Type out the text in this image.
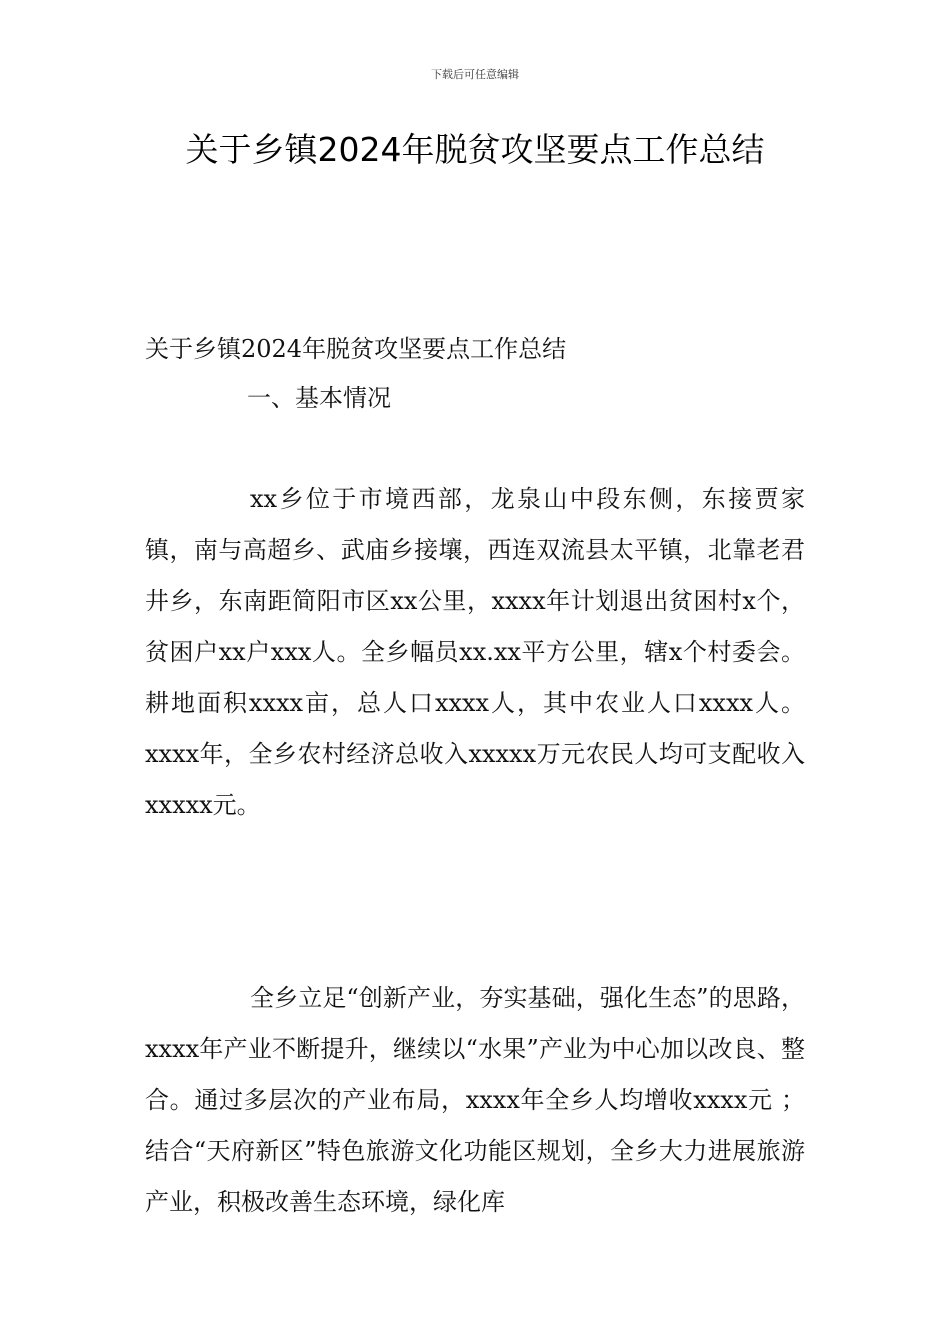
下载后可任意编辑
关于乡镇2024年脱贫攻坚要点工作总结
关于乡镇2024年脱贫攻坚要点工作总结
一、基本情况

xx乡位于市境西部，龙泉山中段东侧，东接贾家镇，南与高超乡、武庙乡接壤，西连双流县太平镇，北靠老君井乡，东南距简阳市区xx公里，xxxx年计划退出贫困村x个，贫困户xx户xxx人。全乡幅员xx.xx平方公里，辖x个村委会。耕地面积xxxx亩，总人口xxxx人，其中农业人口xxxx人。xxxx年，全乡农村经济总收入xxxxx万元农民人均可支配收入xxxxx元。

全乡立足“创新产业，夯实基础，强化生态”的思路，xxxx年产业不断提升，继续以“水果”产业为中心加以改良、整合。通过多层次的产业布局，xxxx年全乡人均增收xxxx元 ；结合“天府新区”特色旅游文化功能区规划，全乡大力进展旅游产业，积极改善生态环境，绿化库
